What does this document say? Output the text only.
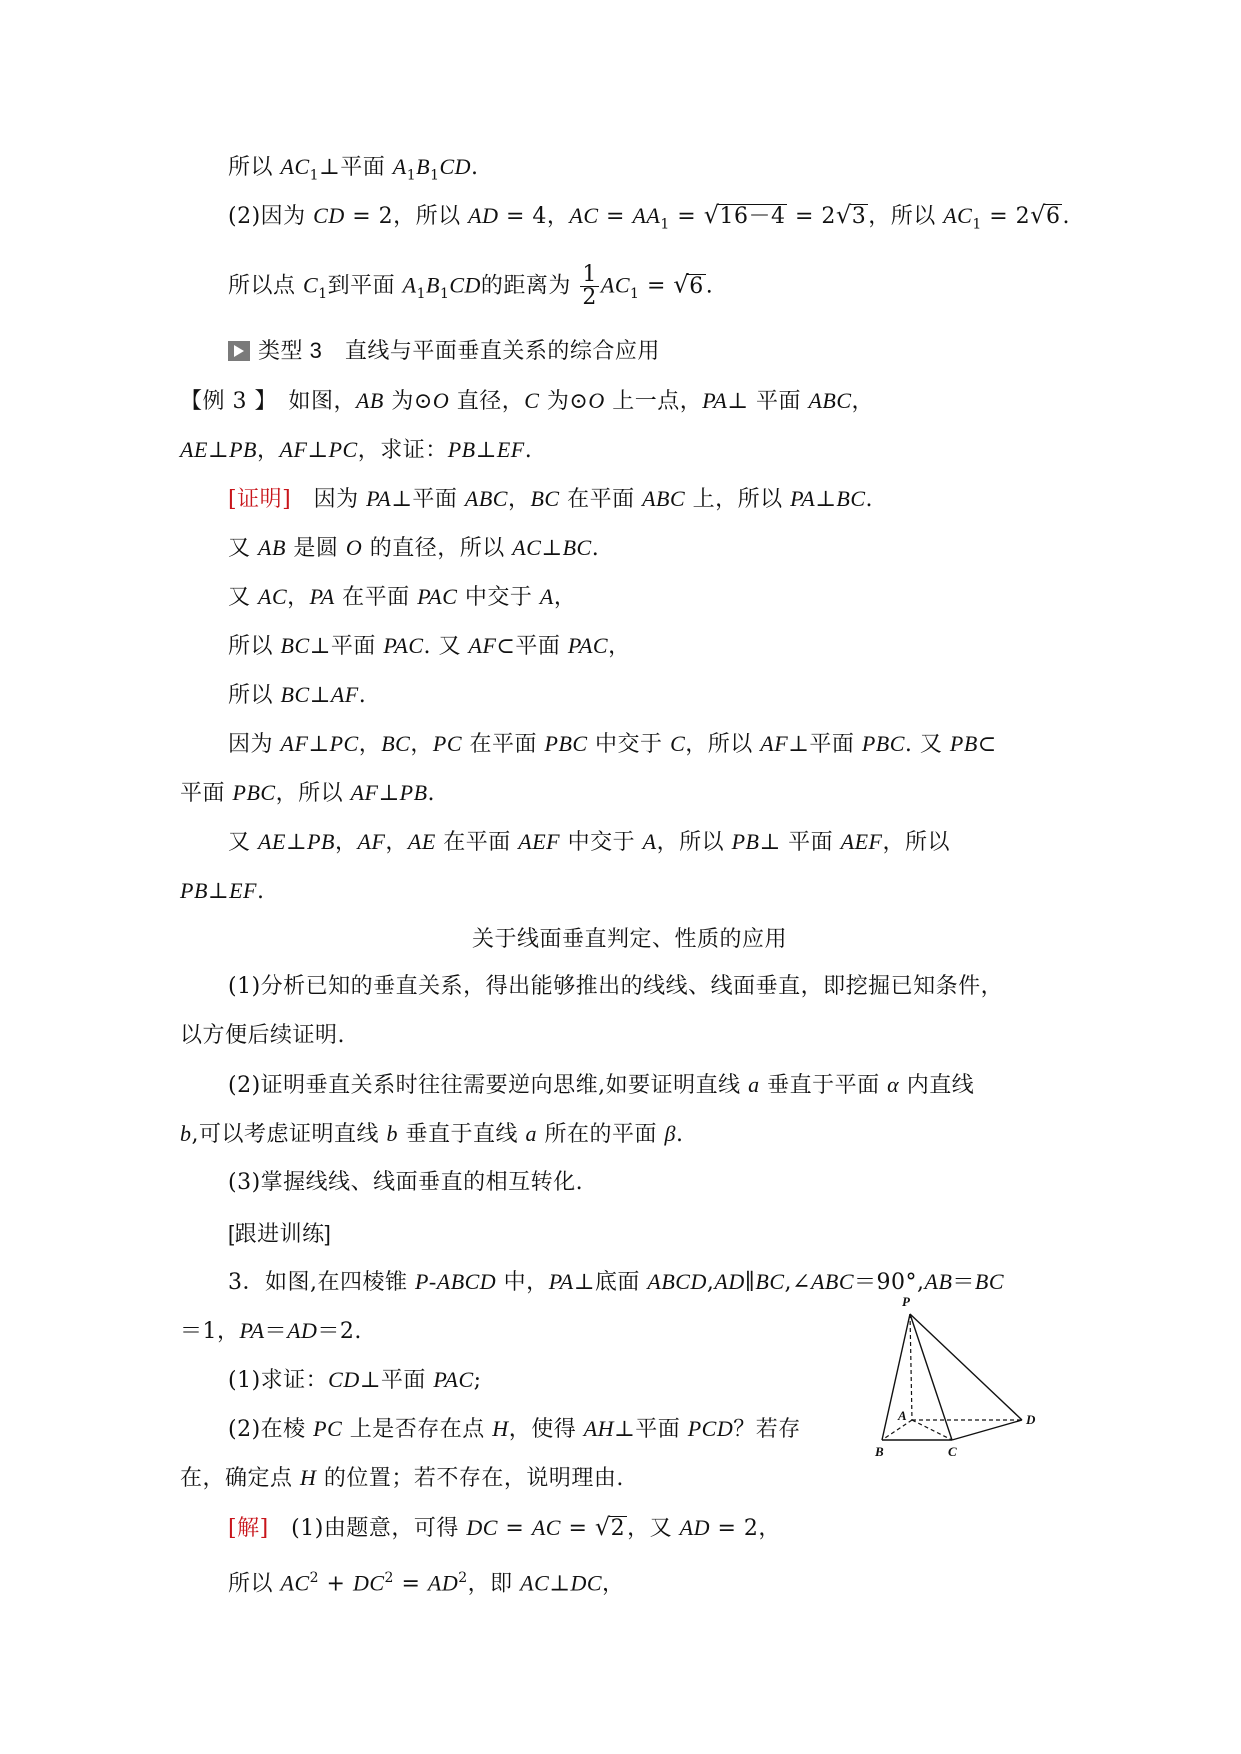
所以 $AC_1\perp$平面 $A_1B_1CD$.
(2)因为 CD = 2，所以 AD = 4，AC = $AA_1 = √16-4 = 2√3$，所以 $AC_1 = 2√6$.
所以点 $C_1$到平面 $A_1B_1CD$的距离为 $\frac{1}{2} AC_1 = √6$.
类型 3　直线与平面垂直关系的综合应用
【例 3 】　如图，AB 为⊙O 直径，C 为⊙O 上一点，PA⊥ 平面 ABC，
AE⊥PB，AF⊥PC，求证：PB⊥EF.
[证明]　因为 PA⊥平面 ABC，BC 在平面 ABC 上，所以 PA⊥BC.
又 AB 是圆 O 的直径，所以 AC⊥BC.
又 AC，PA 在平面 PAC 中交于 A，
所以 BC⊥平面 PAC. 又 AF⊂平面 PAC，
所以 BC⊥AF.
因为 AF⊥PC，BC，PC 在平面 PBC 中交于 C，所以 AF⊥平面 PBC. 又 PB⊂
平面 PBC，所以 AF⊥PB.
又 AE⊥PB，AF，AE 在平面 AEF 中交于 A，所以 PB⊥ 平面 AEF，所以
PB⊥EF.
关于线面垂直判定、性质的应用
(1)分析已知的垂直关系，得出能够推出的线线、线面垂直，即挖掘已知条件，
以方便后续证明.
(2)证明垂直关系时往往需要逆向思维,如要证明直线 a 垂直于平面 α 内直线
b,可以考虑证明直线 b 垂直于直线 a 所在的平面 β.
(3)掌握线线、线面垂直的相互转化.
[跟进训练]
3．如图,在四棱锥 P-ABCD 中，PA⊥底面 ABCD,AD∥BC,∠ABC＝90°,AB＝BC
＝1，PA＝AD＝2.
(1)求证：CD⊥平面 PAC;
(2)在棱 PC 上是否存在点 H，使得 AH⊥平面 PCD？若存
在，确定点 H 的位置；若不存在，说明理由.
[解]　(1)由题意，可得 DC = AC = √2，又 AD = 2，
所以 $AC^2 + DC^2 = AD^2$，即 AC⊥DC，
P
A
B	C
D
